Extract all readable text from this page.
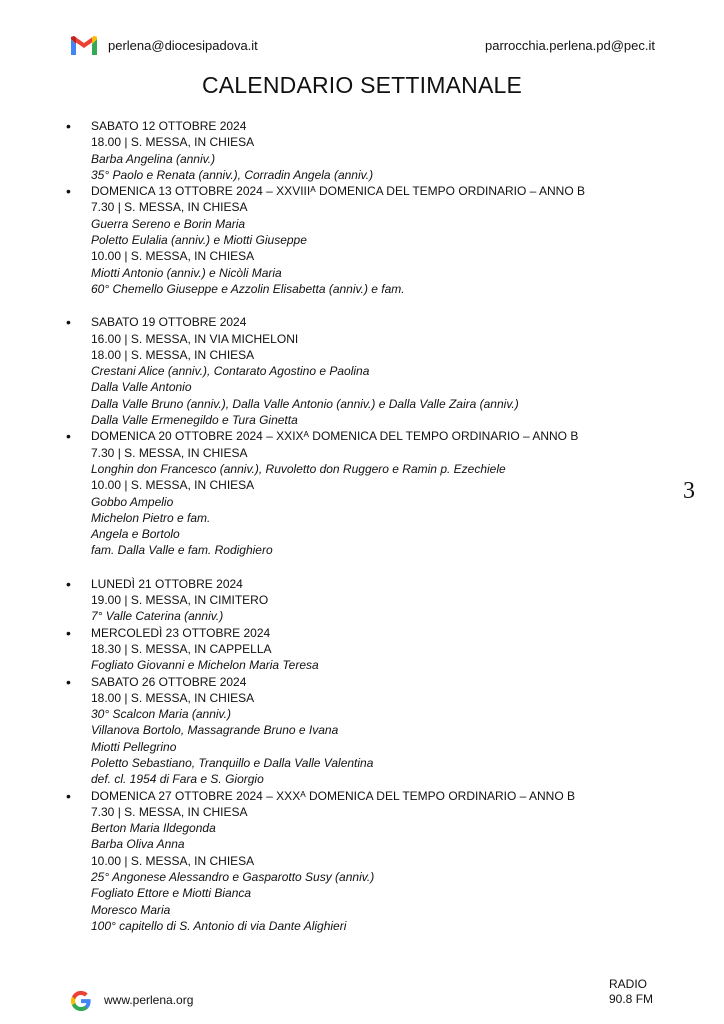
perlena@diocesipadova.it	parrocchia.perlena.pd@pec.it
CALENDARIO SETTIMANALE
• SABATO 12 OTTOBRE 2024
18.00 | S. MESSA, IN CHIESA
Barba Angelina (anniv.)
35° Paolo e Renata (anniv.), Corradin Angela (anniv.)
• DOMENICA 13 OTTOBRE 2024 – XXVIIIᴬ DOMENICA DEL TEMPO ORDINARIO – ANNO B
7.30 | S. MESSA, IN CHIESA
Guerra Sereno e Borin Maria
Poletto Eulalia (anniv.) e Miotti Giuseppe
10.00 | S. MESSA, IN CHIESA
Miotti Antonio (anniv.) e Nicòli Maria
60° Chemello Giuseppe e Azzolin Elisabetta (anniv.) e fam.
• SABATO 19 OTTOBRE 2024
16.00 | S. MESSA, IN VIA MICHELONI
18.00 | S. MESSA, IN CHIESA
Crestani Alice (anniv.), Contarato Agostino e Paolina
Dalla Valle Antonio
Dalla Valle Bruno (anniv.), Dalla Valle Antonio (anniv.) e Dalla Valle Zaira (anniv.)
Dalla Valle Ermenegildo e Tura Ginetta
• DOMENICA 20 OTTOBRE 2024 – XXIXᴬ DOMENICA DEL TEMPO ORDINARIO – ANNO B
7.30 | S. MESSA, IN CHIESA
Longhin don Francesco (anniv.), Ruvoletto don Ruggero e Ramin p. Ezechiele
10.00 | S. MESSA, IN CHIESA
Gobbo Ampelio
Michelon Pietro e fam.
Angela e Bortolo
fam. Dalla Valle e fam. Rodighiero
• LUNEDÌ 21 OTTOBRE 2024
19.00 | S. MESSA, IN CIMITERO
7° Valle Caterina (anniv.)
• MERCOLEDÌ 23 OTTOBRE 2024
18.30 | S. MESSA, IN CAPPELLA
Fogliato Giovanni e Michelon Maria Teresa
• SABATO 26 OTTOBRE 2024
18.00 | S. MESSA, IN CHIESA
30° Scalcon Maria (anniv.)
Villanova Bortolo, Massagrande Bruno e Ivana
Miotti Pellegrino
Poletto Sebastiano, Tranquillo e Dalla Valle Valentina
def. cl. 1954 di Fara e S. Giorgio
• DOMENICA 27 OTTOBRE 2024 – XXXᴬ DOMENICA DEL TEMPO ORDINARIO – ANNO B
7.30 | S. MESSA, IN CHIESA
Berton Maria Ildegonda
Barba Oliva Anna
10.00 | S. MESSA, IN CHIESA
25° Angonese Alessandro e Gasparotto Susy (anniv.)
Fogliato Ettore e Miotti Bianca
Moresco Maria
100° capitello di S. Antonio di via Dante Alighieri
3
www.perlena.org
RADIO
90.8 FM
